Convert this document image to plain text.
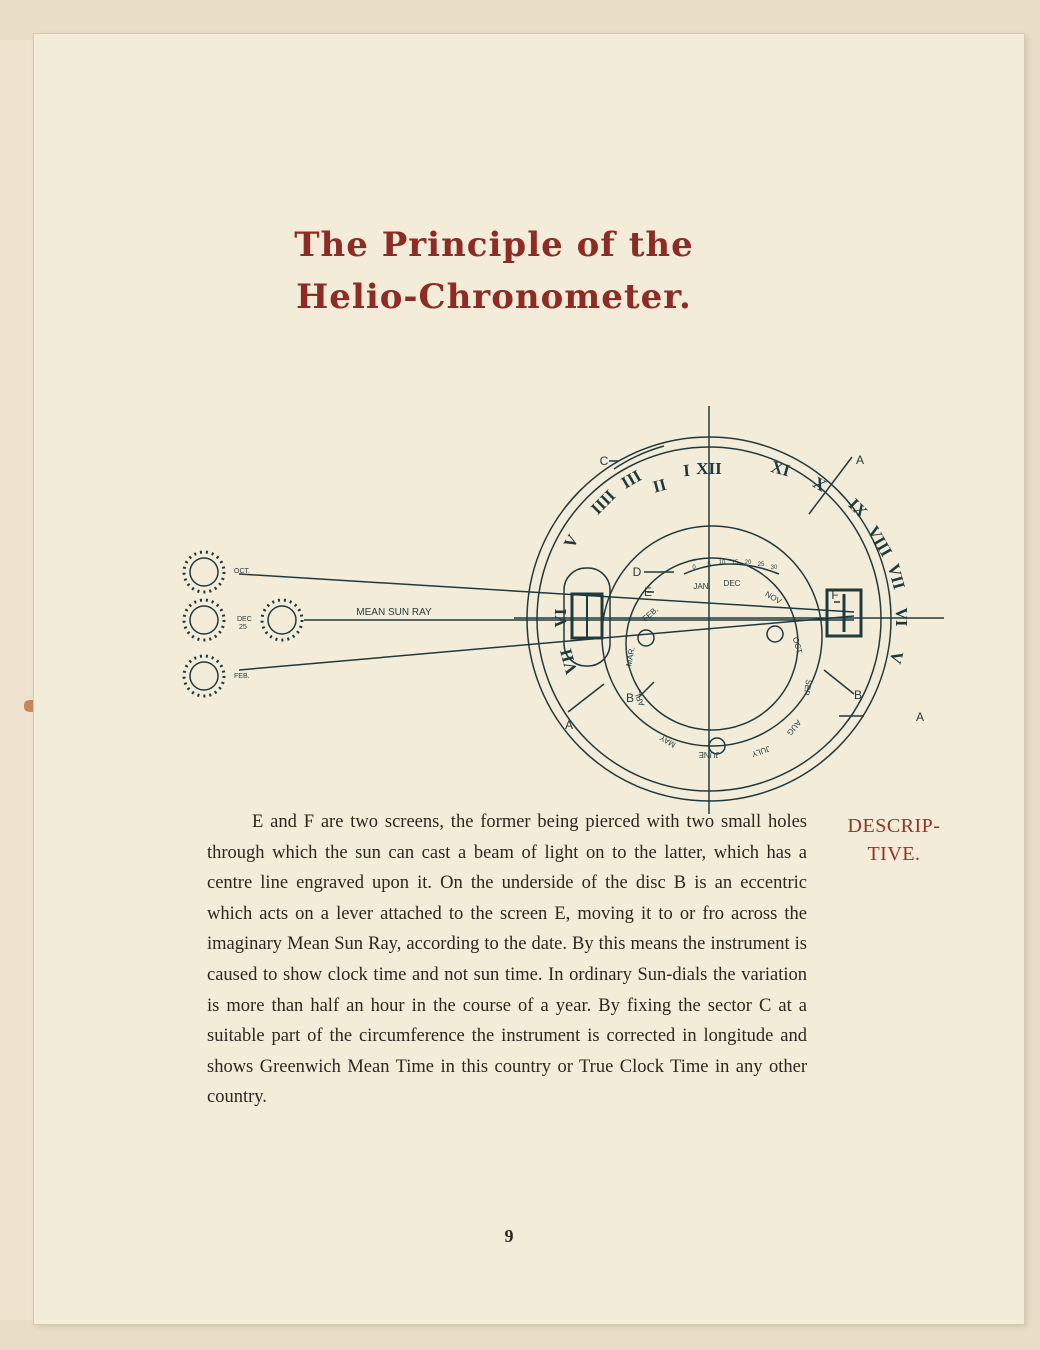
The Principle of the
Helio-Chronometer.
XII	XI
X
IX
VIII
VII
VI
V
IIII
III II
I
V
VI
VII
JAN. DEC
NOV
OCT
SEP
AUG
JULY
JUNE
MAY
APL
MAR.
FEB.
0 5 10 15 20 25 30
C	A
A
A
B	B
D
E	F
MEAN SUN RAY
OCT.
DEC
25
FEB.

E and F are two screens, the former being pierced with two small holes through which the sun can cast a beam of light on to the latter, which has a centre line engraved upon it. On the underside of the disc B is an eccentric which acts on a lever attached to the screen E, moving it to or fro across the imaginary Mean Sun Ray, according to the date. By this means the instrument is caused to show clock time and not sun time. In ordinary Sun-dials the variation is more than half an hour in the course of a year. By fixing the sector C at a suitable part of the circumference the instrument is corrected in longitude and shows Greenwich Mean Time in this country or True Clock Time in any other country.

DESCRIP-
TIVE.
9
